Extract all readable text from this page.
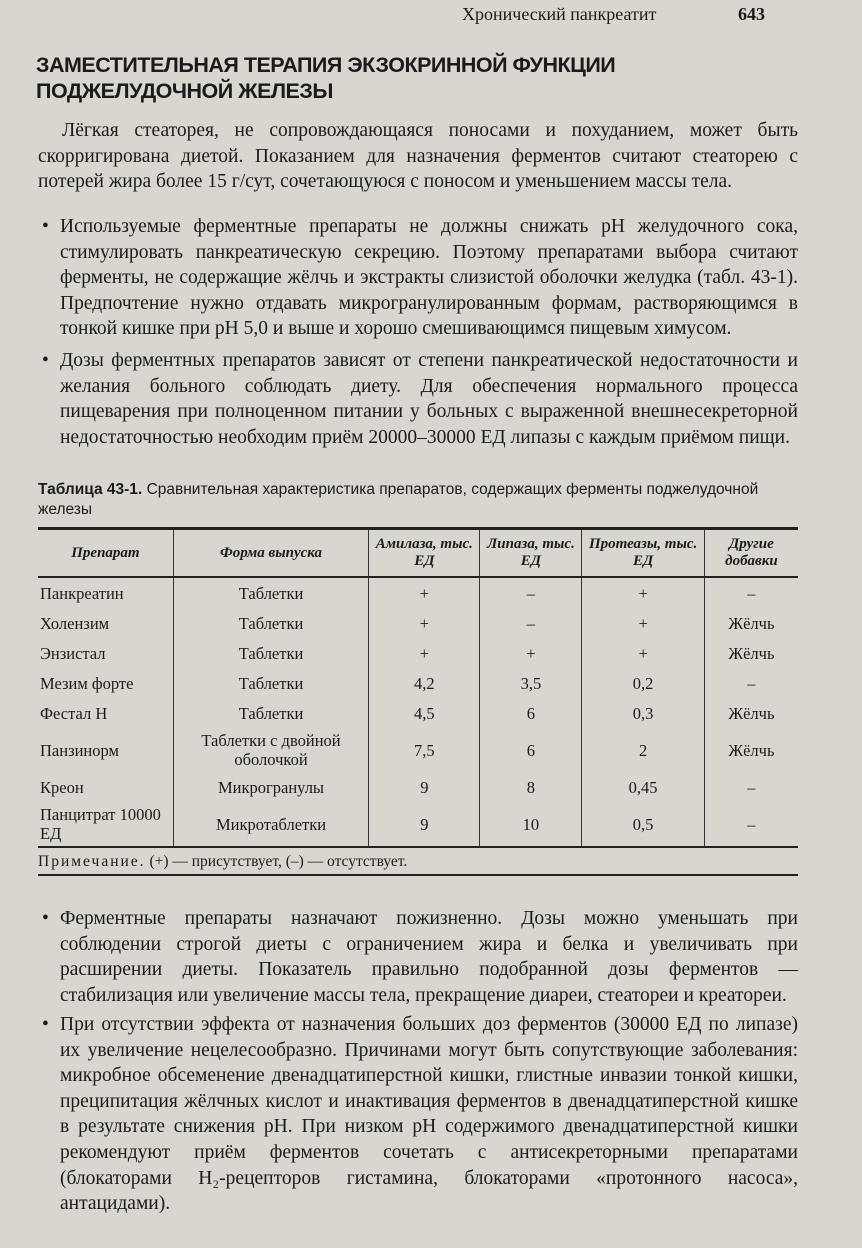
Хронический панкреатит	643
ЗАМЕСТИТЕЛЬНАЯ ТЕРАПИЯ ЭКЗОКРИННОЙ ФУНКЦИИ ПОДЖЕЛУДОЧНОЙ ЖЕЛЕЗЫ

Лёгкая стеаторея, не сопровождающаяся поносами и похуданием, может быть скорригирована диетой. Показанием для назначения ферментов считают стеаторею с потерей жира более 15 г/сут, сочетающуюся с поносом и уменьшением массы тела.

• Используемые ферментные препараты не должны снижать pH желудочного сока, стимулировать панкреатическую секрецию. Поэтому препаратами выбора считают ферменты, не содержащие жёлчь и экстракты слизистой оболочки желудка (табл. 43-1). Предпочтение нужно отдавать микрогранулированным формам, растворяющимся в тонкой кишке при pH 5,0 и выше и хорошо смешивающимся пищевым химусом.

• Дозы ферментных препаратов зависят от степени панкреатической недостаточности и желания больного соблюдать диету. Для обеспечения нормального процесса пищеварения при полноценном питании у больных с выраженной внешнесекреторной недостаточностью необходим приём 20000–30000 ЕД липазы с каждым приёмом пищи.

Таблица 43-1. Сравнительная характеристика препаратов, содержащих ферменты поджелудочной железы
Препарат	Форма выпуска	Амилаза, тыс. ЕД	Липаза, тыс. ЕД	Протеазы, тыс. ЕД	Другие добавки
Панкреатин	Таблетки	+	–	+	–
Холензим	Таблетки	+	–	+	Жёлчь
Энзистал	Таблетки	+	+	+	Жёлчь
Мезим форте	Таблетки	4,2	3,5	0,2	–
Фестал Н	Таблетки	4,5	6	0,3	Жёлчь
Панзинорм	Таблетки с двойной оболочкой	7,5	6	2	Жёлчь
Креон	Микрогранулы	9	8	0,45	–
Панцитрат 10000 ЕД	Микротаблетки	9	10	0,5	–
Примечание. (+) — присутствует, (–) — отсутствует.

• Ферментные препараты назначают пожизненно. Дозы можно уменьшать при соблюдении строгой диеты с ограничением жира и белка и увеличивать при расширении диеты. Показатель правильно подобранной дозы ферментов — стабилизация или увеличение массы тела, прекращение диареи, стеатореи и креатореи.

• При отсутствии эффекта от назначения больших доз ферментов (30000 ЕД по липазе) их увеличение нецелесообразно. Причинами могут быть сопутствующие заболевания: микробное обсеменение двенадцатиперстной кишки, глистные инвазии тонкой кишки, преципитация жёлчных кислот и инактивация ферментов в двенадцатиперстной кишке в результате снижения pH. При низком pH содержимого двенадцатиперстной кишки рекомендуют приём ферментов сочетать с антисекреторными препаратами (блокаторами H₂-рецепторов гистамина, блокаторами «протонного насоса», антацидами).
